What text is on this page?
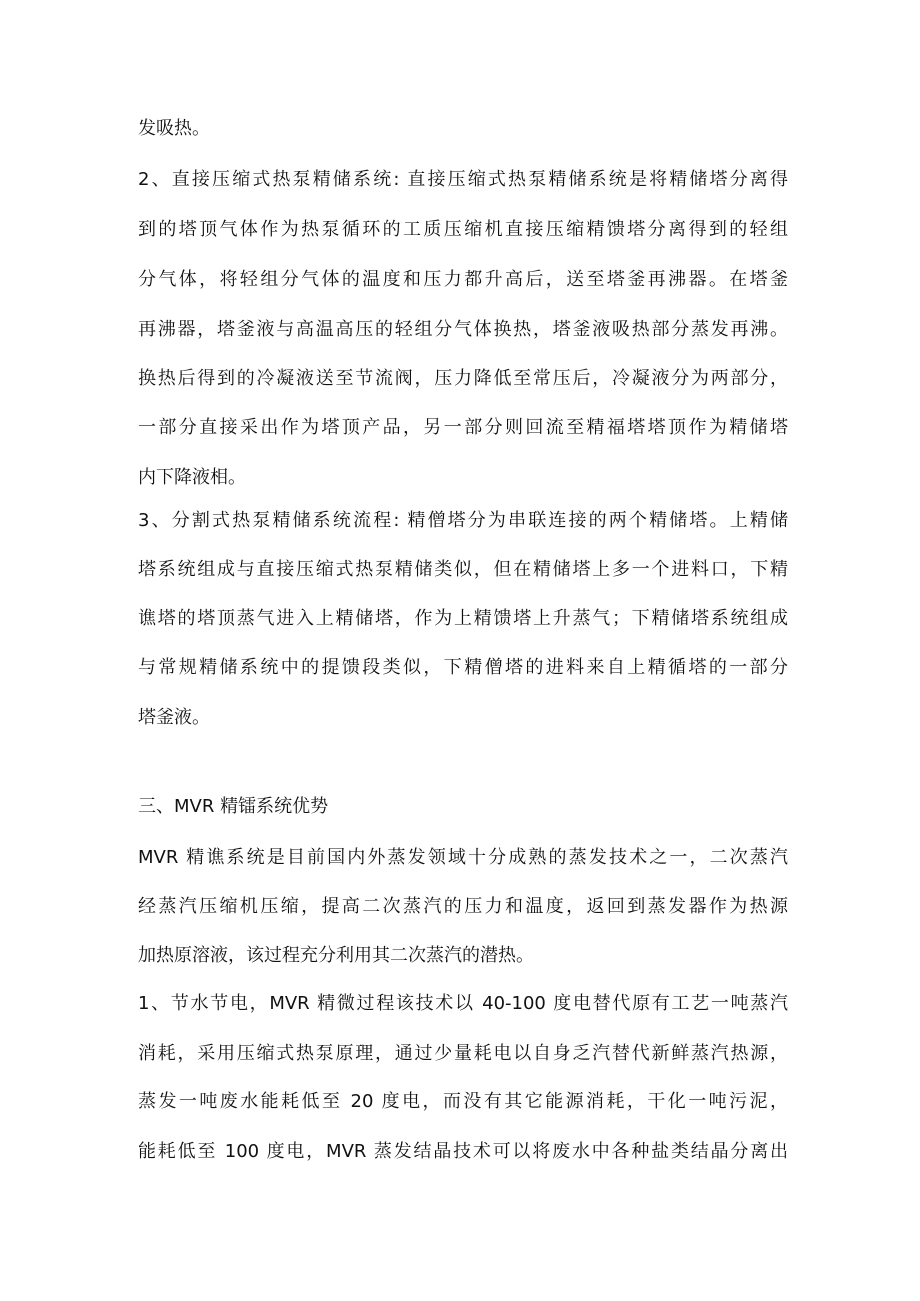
发吸热。
2、直接压缩式热泵精储系统: 直接压缩式热泵精储系统是将精储塔分离得
到的塔顶气体作为热泵循环的工质压缩机直接压缩精馈塔分离得到的轻组
分气体，将轻组分气体的温度和压力都升高后，送至塔釜再沸器。在塔釜
再沸器，塔釜液与高温高压的轻组分气体换热，塔釜液吸热部分蒸发再沸。
换热后得到的冷凝液送至节流阀，压力降低至常压后，冷凝液分为两部分，
一部分直接采出作为塔顶产品，另一部分则回流至精福塔塔顶作为精储塔
内下降液相。
3、分割式热泵精储系统流程: 精僧塔分为串联连接的两个精储塔。上精储
塔系统组成与直接压缩式热泵精储类似，但在精储塔上多一个进料口，下精
谯塔的塔顶蒸气进入上精储塔，作为上精馈塔上升蒸气；下精储塔系统组成
与常规精储系统中的提馈段类似，下精僧塔的进料来自上精循塔的一部分
塔釜液。
三、MVR 精镭系统优势
MVR 精谯系统是目前国内外蒸发领域十分成熟的蒸发技术之一，二次蒸汽
经蒸汽压缩机压缩，提高二次蒸汽的压力和温度，返回到蒸发器作为热源
加热原溶液，该过程充分利用其二次蒸汽的潜热。
1、节水节电，MVR 精微过程该技术以 40-100 度电替代原有工艺一吨蒸汽
消耗，采用压缩式热泵原理，通过少量耗电以自身乏汽替代新鲜蒸汽热源，
蒸发一吨废水能耗低至 20 度电，而没有其它能源消耗，干化一吨污泥，
能耗低至 100 度电，MVR 蒸发结晶技术可以将废水中各种盐类结晶分离出
